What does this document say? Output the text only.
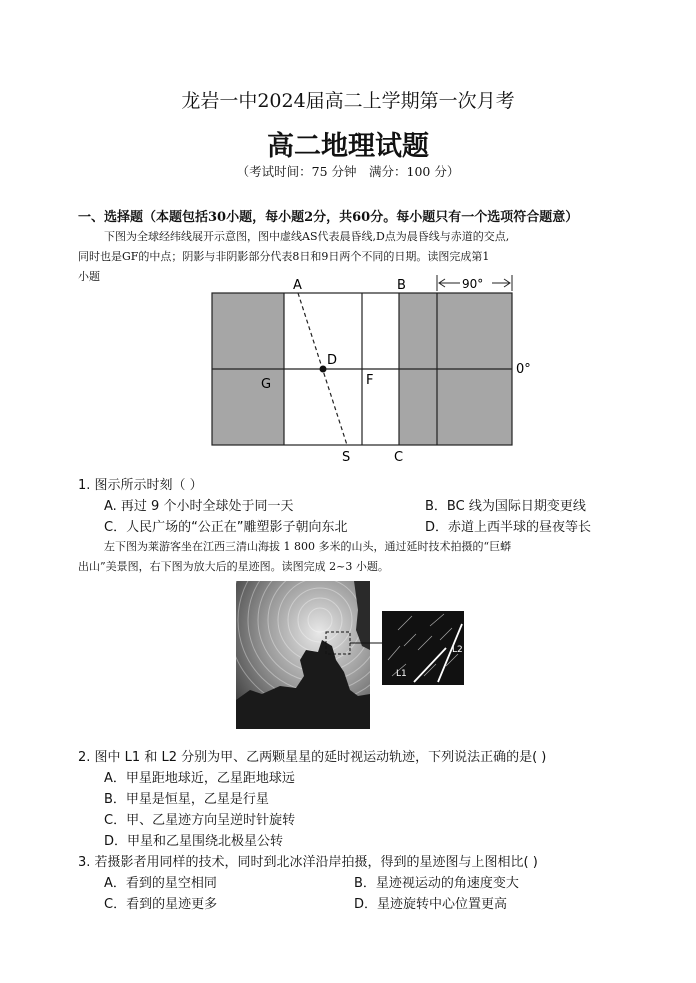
龙岩一中2024届高二上学期第一次月考
高二地理试题
（考试时间：75 分钟　满分：100 分）
一、选择题（本题包括30小题，每小题2分，共60分。每小题只有一个选项符合题意）
下图为全球经纬线展开示意图，图中虚线AS代表晨昏线,D点为晨昏线与赤道的交点,
同时也是GF的中点；阴影与非阴影部分代表8日和9日两个不同的日期。读图完成第1
小题
A	B	90°
0°
D
F
G
S	C
1. 图示所示时刻（ ）
A. 再过 9 个小时全球处于同一天	B．BC 线为国际日期变更线
C．人民广场的“公正在”雕塑影子朝向东北	D．赤道上西半球的昼夜等长
左下图为莱游客坐在江西三清山海拔 1 800 多米的山头，通过延时技术拍摄的“巨蟒
出山”美景图，右下图为放大后的星迹图。读图完成 2~3 小题。
L1
L2
2. 图中 L1 和 L2 分别为甲、乙两颗星星的延时视运动轨迹，下列说法正确的是( )
A．甲星距地球近，乙星距地球远
B．甲星是恒星，乙星是行星
C．甲、乙星迹方向呈逆时针旋转
D．甲星和乙星围绕北极星公转
3. 若摄影者用同样的技术，同时到北冰洋沿岸拍摄，得到的星迹图与上图相比( )
A．看到的星空相同	B．星迹视运动的角速度变大
C．看到的星迹更多	D．星迹旋转中心位置更高
